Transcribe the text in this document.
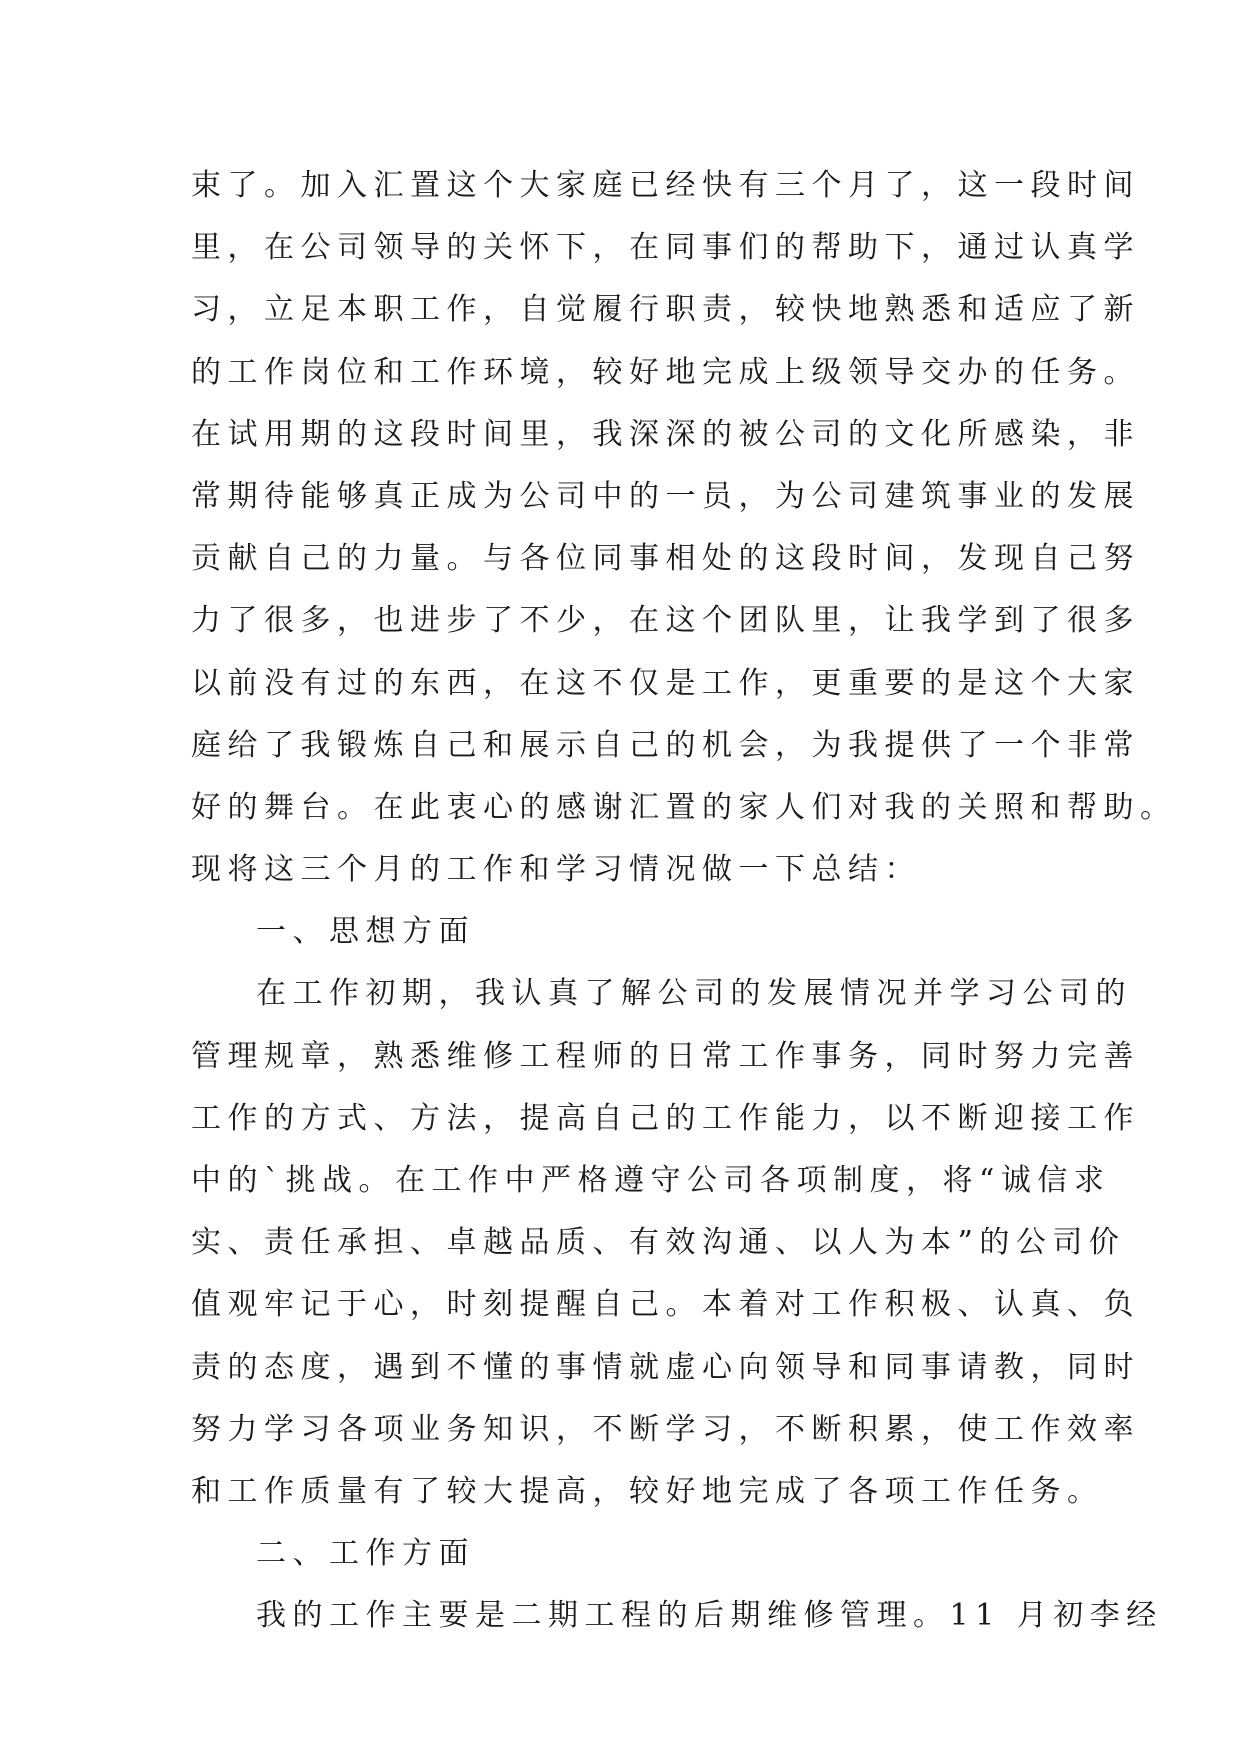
束了。加入汇置这个大家庭已经快有三个月了，这一段时间
里，在公司领导的关怀下，在同事们的帮助下，通过认真学
习，立足本职工作，自觉履行职责，较快地熟悉和适应了新
的工作岗位和工作环境，较好地完成上级领导交办的任务。
在试用期的这段时间里，我深深的被公司的文化所感染，非
常期待能够真正成为公司中的一员，为公司建筑事业的发展
贡献自己的力量。与各位同事相处的这段时间，发现自己努
力了很多，也进步了不少，在这个团队里，让我学到了很多
以前没有过的东西，在这不仅是工作，更重要的是这个大家
庭给了我锻炼自己和展示自己的机会，为我提供了一个非常
好的舞台。在此衷心的感谢汇置的家人们对我的关照和帮助。
现将这三个月的工作和学习情况做一下总结：
一、思想方面
在工作初期，我认真了解公司的发展情况并学习公司的
管理规章，熟悉维修工程师的日常工作事务，同时努力完善
工作的方式、方法，提高自己的工作能力，以不断迎接工作
中的`挑战。在工作中严格遵守公司各项制度，将“诚信求
实、责任承担、卓越品质、有效沟通、以人为本”的公司价
值观牢记于心，时刻提醒自己。本着对工作积极、认真、负
责的态度，遇到不懂的事情就虚心向领导和同事请教，同时
努力学习各项业务知识，不断学习，不断积累，使工作效率
和工作质量有了较大提高，较好地完成了各项工作任务。
二、工作方面
我的工作主要是二期工程的后期维修管理。11 月初李经
